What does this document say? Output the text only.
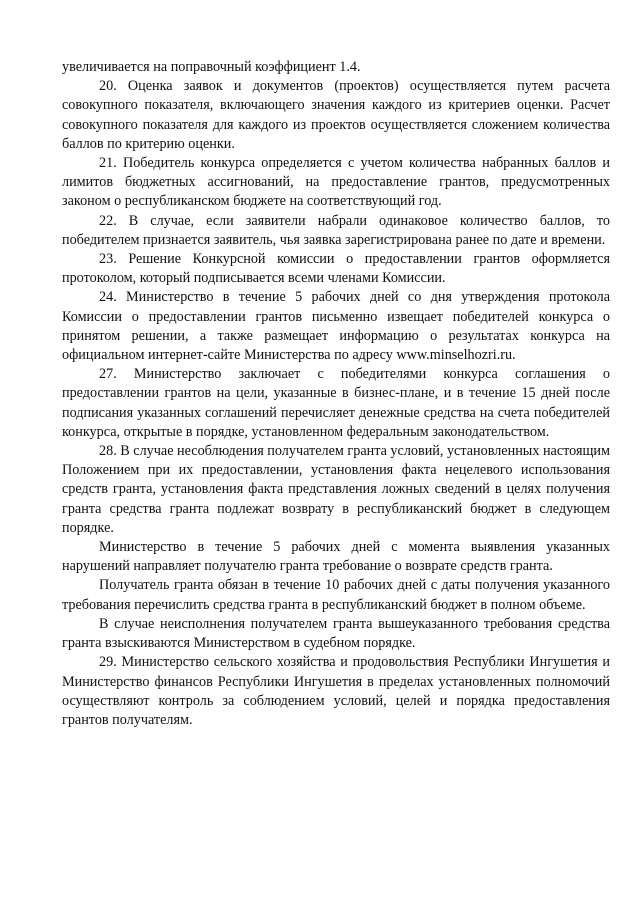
увеличивается на поправочный коэффициент 1.4.

20. Оценка заявок и документов (проектов) осуществляется путем расчета совокупного показателя, включающего значения каждого из критериев оценки. Расчет совокупного показателя для каждого из проектов осуществляется сложением количества баллов по критерию оценки.

21. Победитель конкурса определяется с учетом количества набранных баллов и лимитов бюджетных ассигнований, на предоставление грантов, предусмотренных законом о республиканском бюджете на соответствующий год.

22. В случае, если заявители набрали одинаковое количество баллов, то победителем признается заявитель, чья заявка зарегистрирована ранее по дате и времени.

23. Решение Конкурсной комиссии о предоставлении грантов оформляется протоколом, который подписывается всеми членами Комиссии.

24. Министерство в течение 5 рабочих дней со дня утверждения протокола Комиссии о предоставлении грантов письменно извещает победителей конкурса о принятом решении, а также размещает информацию о результатах конкурса на официальном интернет-сайте Министерства по адресу www.minselhozri.ru.

27. Министерство заключает с победителями конкурса соглашения о предоставлении грантов на цели, указанные в бизнес-плане, и в течение 15 дней после подписания указанных соглашений перечисляет денежные средства на счета победителей конкурса, открытые в порядке, установленном федеральным законодательством.

28. В случае несоблюдения получателем гранта условий, установленных настоящим Положением при их предоставлении, установления факта нецелевого использования средств гранта, установления факта представления ложных сведений в целях получения гранта средства гранта подлежат возврату в республиканский бюджет в следующем порядке.

Министерство в течение 5 рабочих дней с момента выявления указанных нарушений направляет получателю гранта требование о возврате средств гранта.

Получатель гранта обязан в течение 10 рабочих дней с даты получения указанного требования перечислить средства гранта в республиканский бюджет в полном объеме.

В случае неисполнения получателем гранта вышеуказанного требования средства гранта взыскиваются Министерством в судебном порядке.

29. Министерство сельского хозяйства и продовольствия Республики Ингушетия и Министерство финансов Республики Ингушетия в пределах установленных полномочий осуществляют контроль за соблюдением условий, целей и порядка предоставления грантов получателям.
